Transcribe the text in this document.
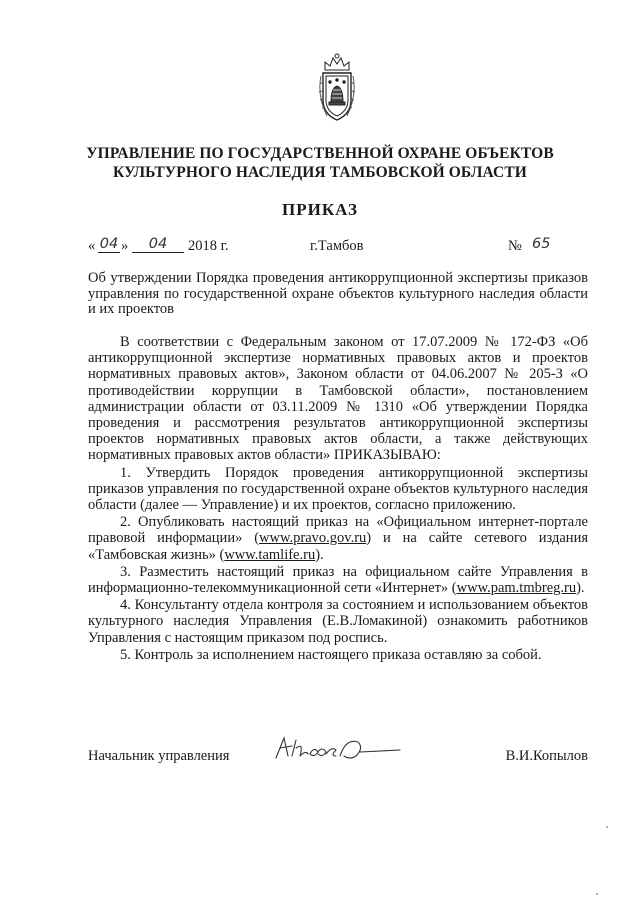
УПРАВЛЕНИЕ ПО ГОСУДАРСТВЕННОЙ ОХРАНЕ ОБЪЕКТОВ
КУЛЬТУРНОГО НАСЛЕДИЯ ТАМБОВСКОЙ ОБЛАСТИ
ПРИКАЗ
« 04 »	04	2018 г.	г.Тамбов	№ 65
Об утверждении Порядка проведения антикоррупционной экспертизы приказов управления по государственной охране объектов культурного наследия области и их проектов

В соответствии с Федеральным законом от 17.07.2009 № 172-ФЗ «Об антикоррупционной экспертизе нормативных правовых актов и проектов нормативных правовых актов», Законом области от 04.06.2007 № 205-З «О противодействии коррупции в Тамбовской области», постановлением администрации области от 03.11.2009 № 1310 «Об утверждении Порядка проведения и рассмотрения результатов антикоррупционной экспертизы проектов нормативных правовых актов области, а также действующих нормативных правовых актов области» ПРИКАЗЫВАЮ:

1. Утвердить Порядок проведения антикоррупционной экспертизы приказов управления по государственной охране объектов культурного наследия области (далее — Управление) и их проектов, согласно приложению.

2. Опубликовать настоящий приказ на «Официальном интернет-портале правовой информации» (www.pravo.gov.ru) и на сайте сетевого издания «Тамбовская жизнь» (www.tamlife.ru).

3. Разместить настоящий приказ на официальном сайте Управления в информационно-телекоммуникационной сети «Интернет» (www.pam.tmbreg.ru).

4. Консультанту отдела контроля за состоянием и использованием объектов культурного наследия Управления (Е.В.Ломакиной) ознакомить работников Управления с настоящим приказом под роспись.

5. Контроль за исполнением настоящего приказа оставляю за собой.

Начальник управления	В.И.Копылов
